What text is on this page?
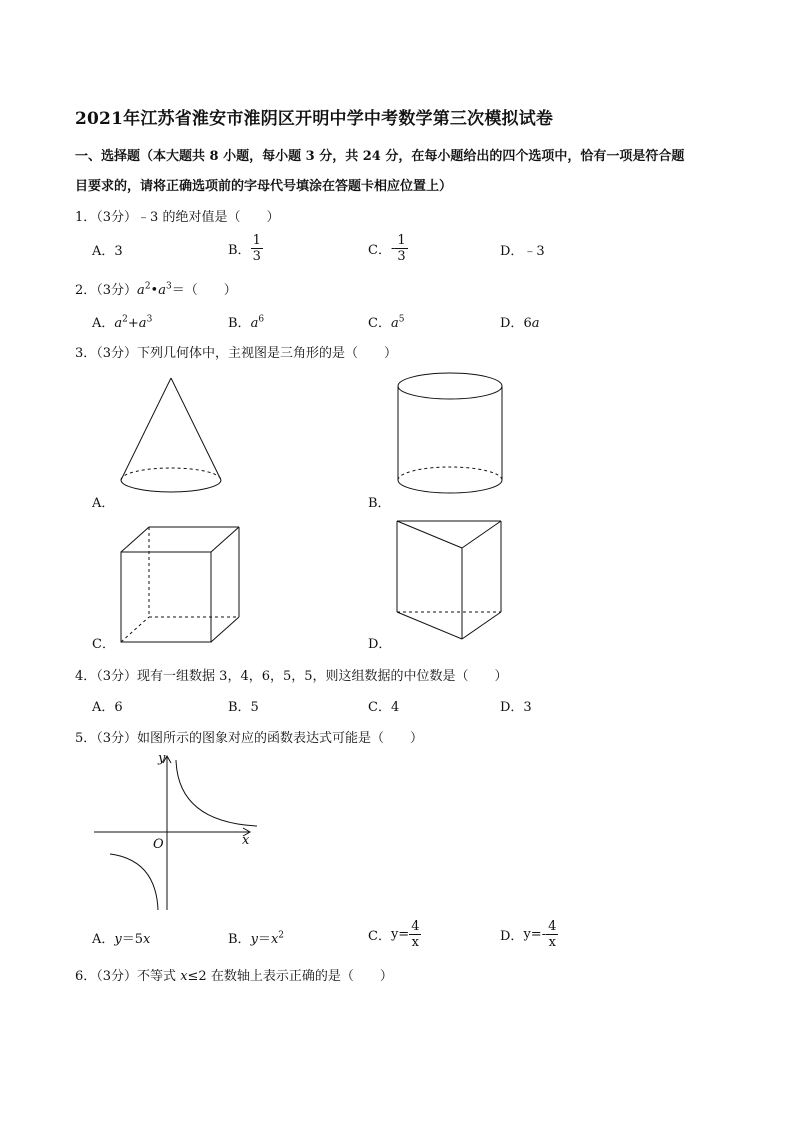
2021年江苏省淮安市淮阴区开明中学中考数学第三次模拟试卷
一、选择题（本大题共 8 小题，每小题 3 分，共 24 分，在每小题给出的四个选项中，恰有一项是符合题
目要求的，请将正确选项前的字母代号填涂在答题卡相应位置上）
1．（3分）﹣3 的绝对值是（　　）
A．3	B． $\frac{1}{3}$	C．- $\frac{1}{3}$	D．﹣3
2．（3分）$a^2•a^3=$（　　）
A．$a^2+a^3$	B．$a^6$	C．$a^5$	D．6a
3．（3分）下列几何体中，主视图是三角形的是（　　）
A．	B．
C．	D．
4．（3分）现有一组数据 3，4，6，5，5，则这组数据的中位数是（　　）
A．6	B．5	C．4	D．3
5．（3分）如图所示的图象对应的函数表达式可能是（　　）
y
x
O
A．y＝5x	B．$y=x^2$	C．$y= \frac{4}{x}$	D．$y=- \frac{4}{x}$
6．（3分）不等式 x≤2 在数轴上表示正确的是（　　）
